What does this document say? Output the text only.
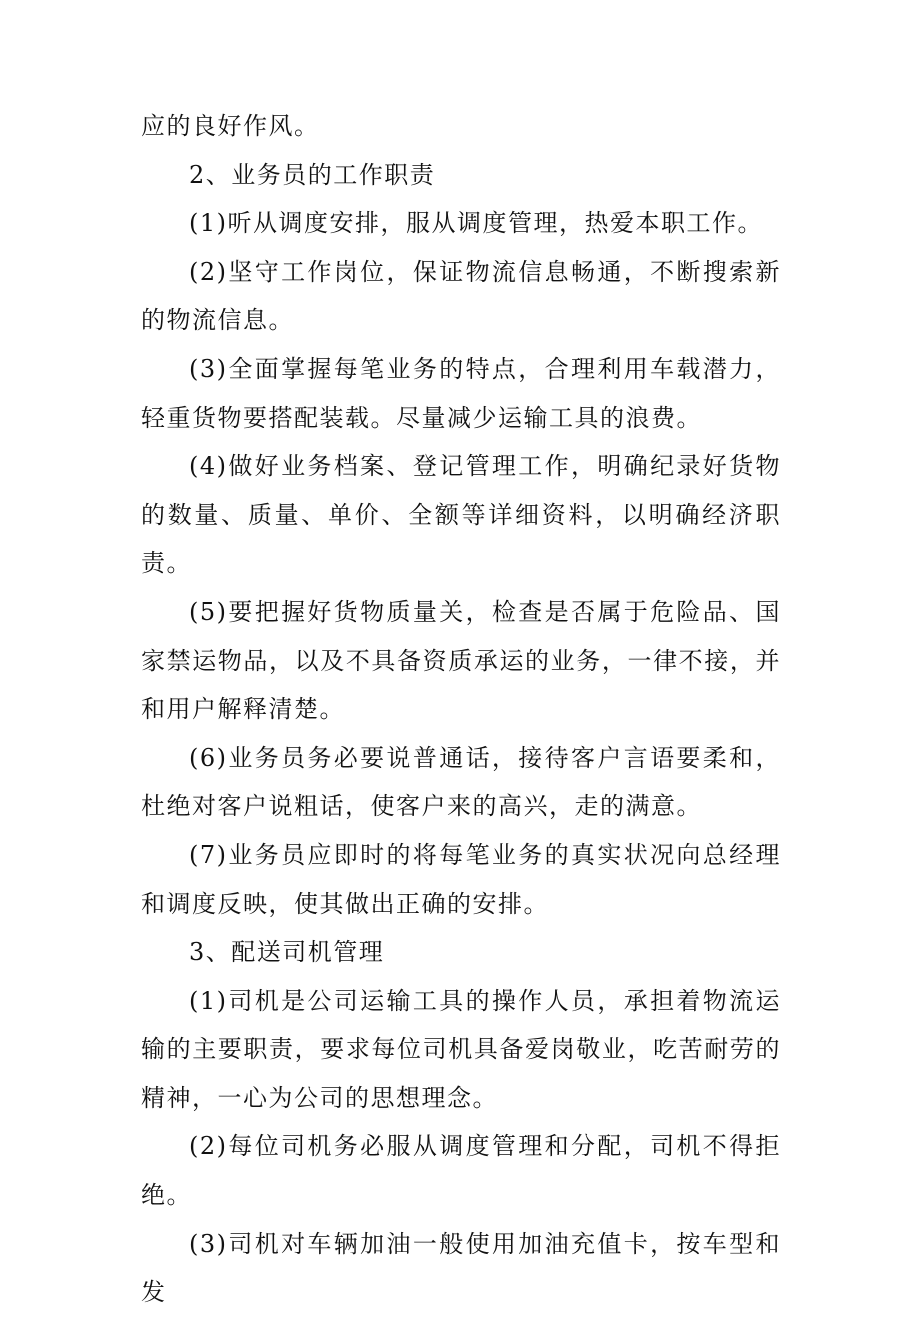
应的良好作风。

2、业务员的工作职责

(1)听从调度安排，服从调度管理，热爱本职工作。

(2)坚守工作岗位，保证物流信息畅通，不断搜索新的物流信息。

(3)全面掌握每笔业务的特点，合理利用车载潜力，轻重货物要搭配装载。尽量减少运输工具的浪费。

(4)做好业务档案、登记管理工作，明确纪录好货物的数量、质量、单价、全额等详细资料，以明确经济职责。

(5)要把握好货物质量关，检查是否属于危险品、国家禁运物品，以及不具备资质承运的业务，一律不接，并和用户解释清楚。

(6)业务员务必要说普通话，接待客户言语要柔和，杜绝对客户说粗话，使客户来的高兴，走的满意。

(7)业务员应即时的将每笔业务的真实状况向总经理和调度反映，使其做出正确的安排。

3、配送司机管理

(1)司机是公司运输工具的操作人员，承担着物流运输的主要职责，要求每位司机具备爱岗敬业，吃苦耐劳的精神，一心为公司的思想理念。

(2)每位司机务必服从调度管理和分配，司机不得拒绝。

(3)司机对车辆加油一般使用加油充值卡，按车型和发
